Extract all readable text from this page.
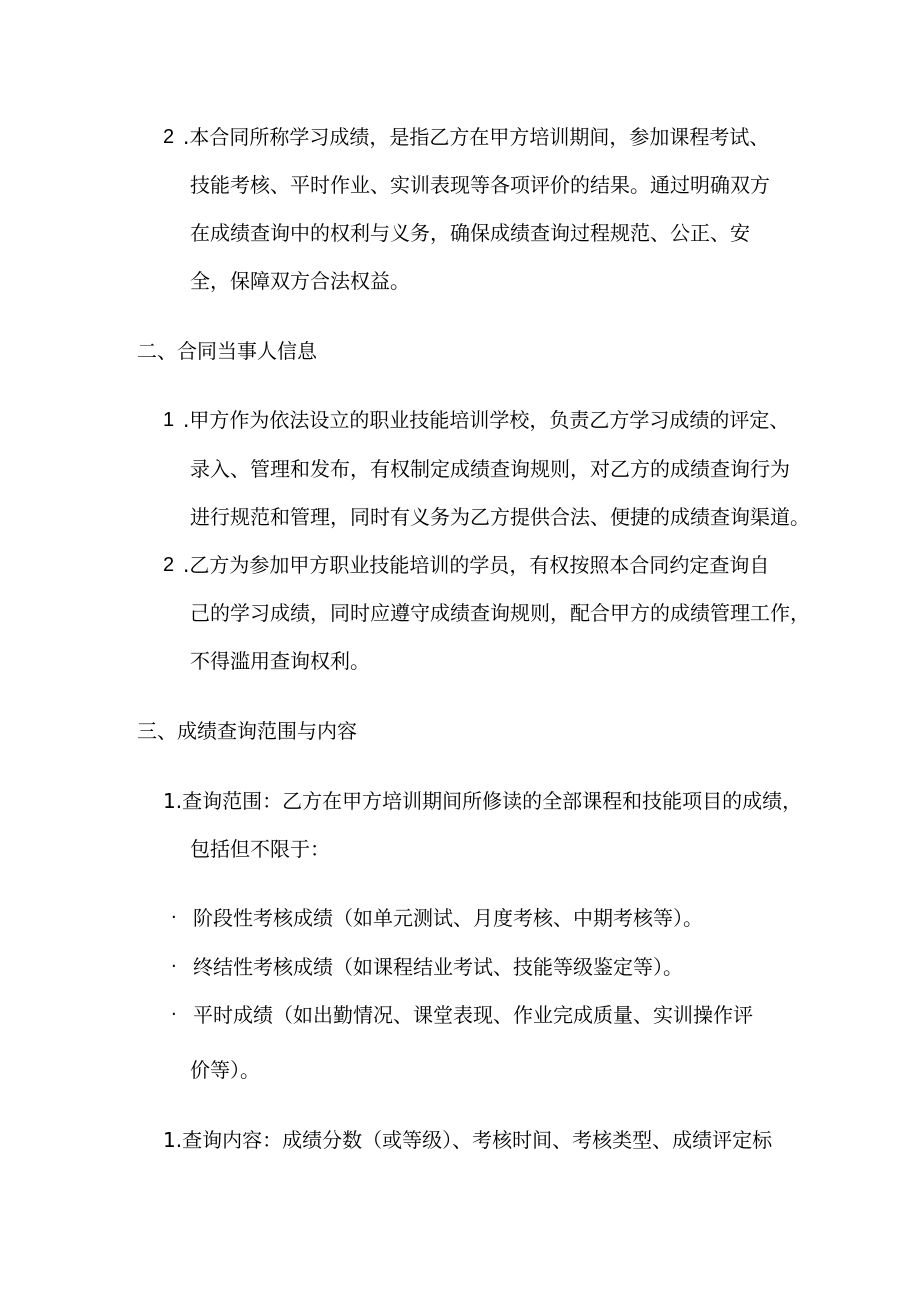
2 .本合同所称学习成绩，是指乙方在甲方培训期间，参加课程考试、
技能考核、平时作业、实训表现等各项评价的结果。通过明确双方
在成绩查询中的权利与义务，确保成绩查询过程规范、公正、安
全，保障双方合法权益。
二、合同当事人信息
1 .甲方作为依法设立的职业技能培训学校，负责乙方学习成绩的评定、
录入、管理和发布，有权制定成绩查询规则，对乙方的成绩查询行为
进行规范和管理，同时有义务为乙方提供合法、便捷的成绩查询渠道。
2 .乙方为参加甲方职业技能培训的学员，有权按照本合同约定查询自
己的学习成绩，同时应遵守成绩查询规则，配合甲方的成绩管理工作，
不得滥用查询权利。
三、成绩查询范围与内容
1.查询范围：乙方在甲方培训期间所修读的全部课程和技能项目的成绩，
包括但不限于：
· 阶段性考核成绩（如单元测试、月度考核、中期考核等）。
· 终结性考核成绩（如课程结业考试、技能等级鉴定等）。
· 平时成绩（如出勤情况、课堂表现、作业完成质量、实训操作评
价等）。
1.查询内容：成绩分数（或等级）、考核时间、考核类型、成绩评定标
